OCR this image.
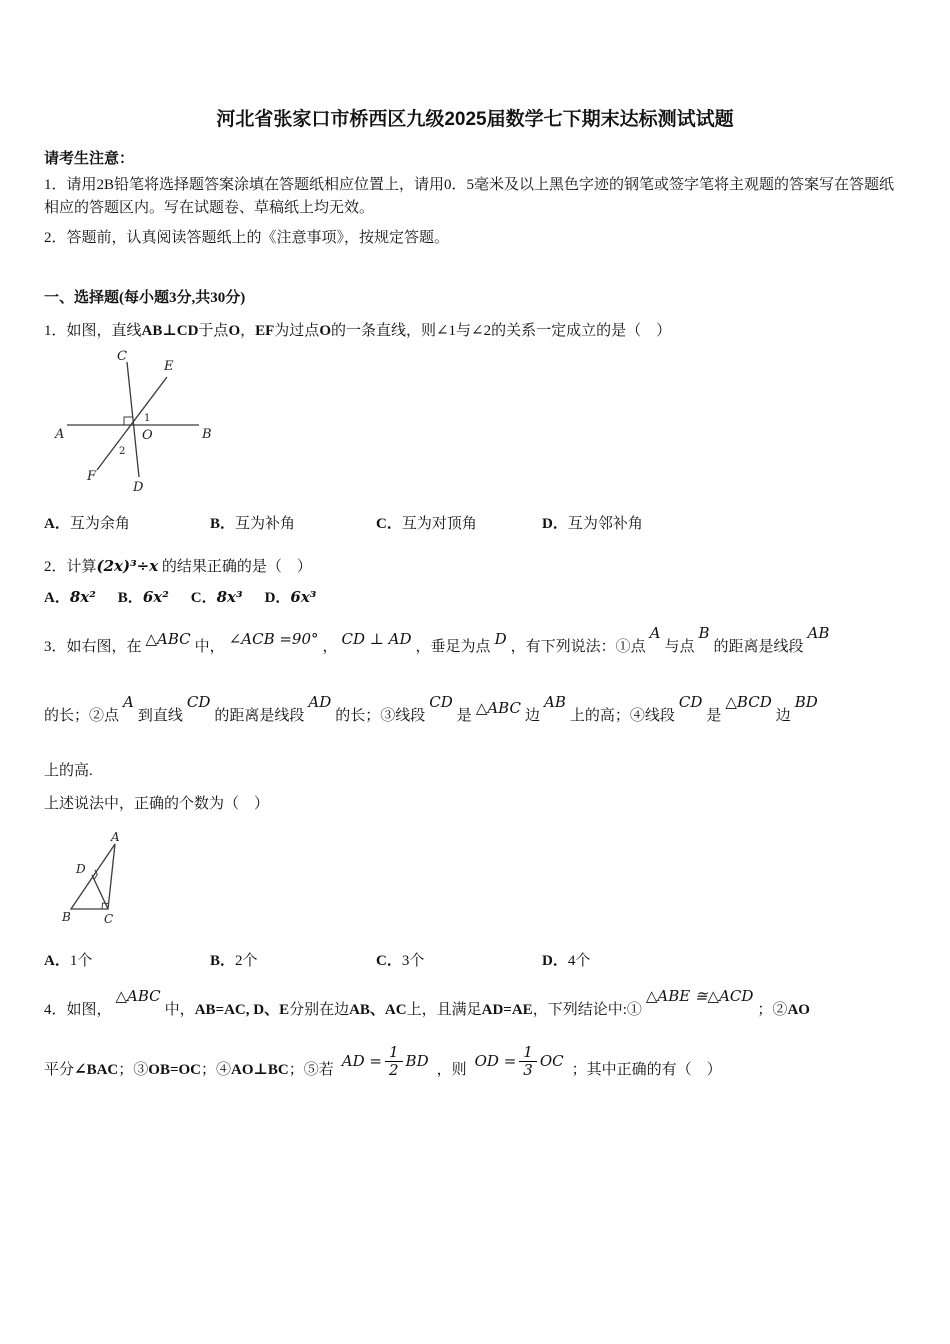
河北省张家口市桥西区九级2025届数学七下期末达标测试试题

请考生注意：

1．请用2B铅笔将选择题答案涂填在答题纸相应位置上，请用0．5毫米及以上黑色字迹的钢笔或签字笔将主观题的答案写在答题纸相应的答题区内。写在试题卷、草稿纸上均无效。

2．答题前，认真阅读答题纸上的《注意事项》，按规定答题。

一、选择题(每小题3分,共30分)

1．如图，直线AB⊥CD于点O，EF为过点O的一条直线，则∠1与∠2的关系一定成立的是（　）

C
E
A	O	B
F
D
1
2
A．互为余角	B．互为补角	C．互为对顶角	D．互为邻补角

2．计算(2x)³÷x 的结果正确的是（　）

A．8x² B．6x² C．8x³ D．6x³

3．如右图，在 △ABC 中， ∠ACB =90° ， CD ⊥ AD ，垂足为点 D ，有下列说法：①点A与点B的距离是线段AB

的长；②点A到直线CD的距离是线段AD的长；③线段CD是 △ABC 边AB上的高；④线段CD是△BCD边BD

上的高.

上述说法中，正确的个数为（　）

A
D
B	C
A．1个	B．2个	C．3个	D．4个

4．如图，△ABC中，AB=AC, D、E分别在边AB、AC上，且满足AD=AE，下列结论中:①△ABE ≅△ACD；②AO

平分∠BAC；③OB=OC；④AO⊥BC；⑤若AD = $\frac{1}{2}$ BD，则OD = $\frac{1}{3}$ OC；其中正确的有（　）
